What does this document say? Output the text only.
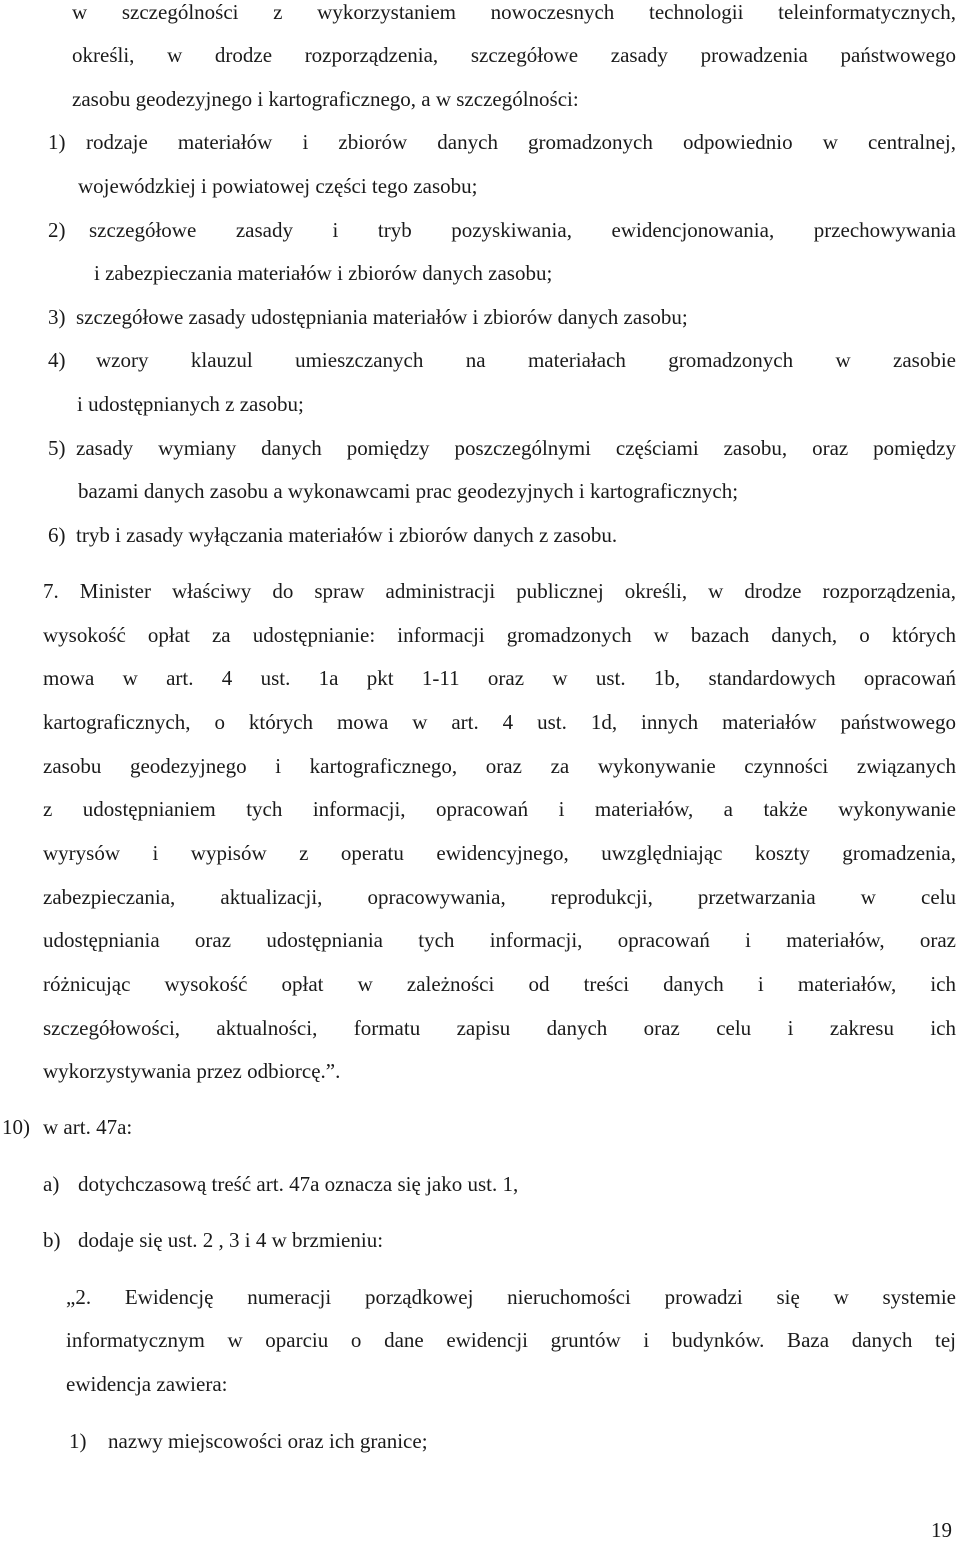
w szczególności z wykorzystaniem nowoczesnych technologii teleinformatycznych,
określi, w drodze rozporządzenia, szczegółowe zasady prowadzenia państwowego
zasobu geodezyjnego i kartograficznego, a w szczególności:
1) rodzaje materiałów i zbiorów danych gromadzonych odpowiednio w centralnej,
wojewódzkiej i powiatowej części tego zasobu;
2) szczegółowe zasady i tryb pozyskiwania, ewidencjonowania, przechowywania
i zabezpieczania materiałów i zbiorów danych zasobu;
3) szczegółowe zasady udostępniania materiałów i zbiorów danych zasobu;
4) wzory klauzul umieszczanych na materiałach gromadzonych w zasobie
i udostępnianych z zasobu;
5) zasady wymiany danych pomiędzy poszczególnymi częściami zasobu, oraz pomiędzy
bazami danych zasobu a wykonawcami prac geodezyjnych i kartograficznych;
6) tryb i zasady wyłączania materiałów i zbiorów danych z zasobu.
7. Minister właściwy do spraw administracji publicznej określi, w drodze rozporządzenia,
wysokość opłat za udostępnianie: informacji gromadzonych w bazach danych, o których
mowa w art. 4 ust. 1a pkt 1-11 oraz w ust. 1b, standardowych opracowań
kartograficznych, o których mowa w art. 4 ust. 1d, innych materiałów państwowego
zasobu geodezyjnego i kartograficznego, oraz za wykonywanie czynności związanych
z udostępnianiem tych informacji, opracowań i materiałów, a także wykonywanie
wyrysów i wypisów z operatu ewidencyjnego, uwzględniając koszty gromadzenia,
zabezpieczania, aktualizacji, opracowywania, reprodukcji, przetwarzania w celu
udostępniania oraz udostępniania tych informacji, opracowań i materiałów, oraz
różnicując wysokość opłat w zależności od treści danych i materiałów, ich
szczegółowości, aktualności, formatu zapisu danych oraz celu i zakresu ich
wykorzystywania przez odbiorcę.”.
10) w art. 47a:
a) dotychczasową treść art. 47a oznacza się jako ust. 1,
b) dodaje się ust. 2 , 3 i 4 w brzmieniu:
„2. Ewidencję numeracji porządkowej nieruchomości prowadzi się w systemie
informatycznym w oparciu o dane ewidencji gruntów i budynków. Baza danych tej
ewidencja zawiera:
1) nazwy miejscowości oraz ich granice;
19
